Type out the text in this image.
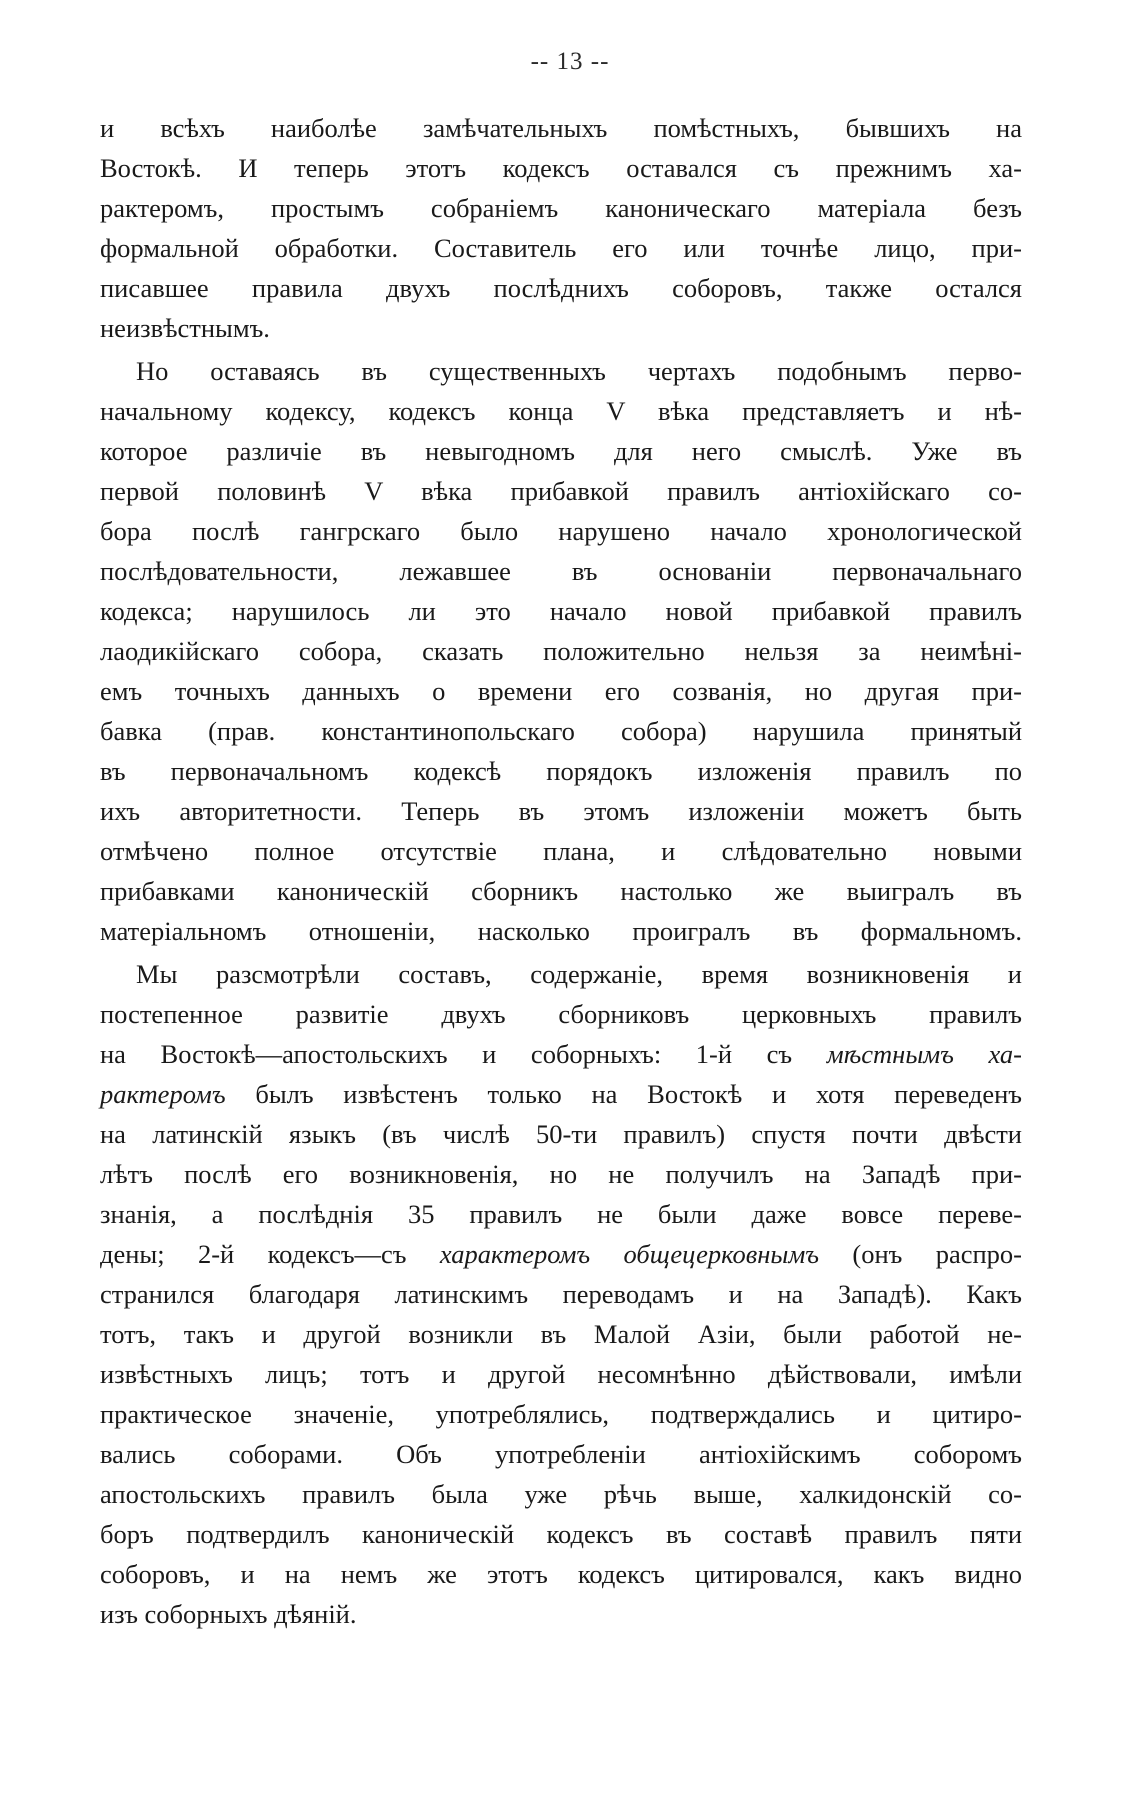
-- 13 --
и всѣхъ наиболѣе замѣчательныхъ помѣстныхъ, бывшихъ на
Востокѣ. И теперь этотъ кодексъ оставался съ прежнимъ ха-
рактеромъ, простымъ собраніемъ каноническаго матеріала безъ
формальной обработки. Составитель его или точнѣе лицо, при-
писавшее правила двухъ послѣднихъ соборовъ, также остался
неизвѣстнымъ.
Но оставаясь въ существенныхъ чертахъ подобнымъ перво-
начальному кодексу, кодексъ конца V вѣка представляетъ и нѣ-
которое различіе въ невыгодномъ для него смыслѣ. Уже въ
первой половинѣ V вѣка прибавкой правилъ антіохійскаго со-
бора послѣ гангрскаго было нарушено начало хронологической
послѣдовательности, лежавшее въ основаніи первоначальнаго
кодекса; нарушилось ли это начало новой прибавкой правилъ
лаодикійскаго собора, сказать положительно нельзя за неимѣні-
емъ точныхъ данныхъ о времени его созванія, но другая при-
бавка (прав. константинопольскаго собора) нарушила принятый
въ первоначальномъ кодексѣ порядокъ изложенія правилъ по
ихъ авторитетности. Теперь въ этомъ изложеніи можетъ быть
отмѣчено полное отсутствіе плана, и слѣдовательно новыми
прибавками каноническій сборникъ настолько же выигралъ въ
матеріальномъ отношеніи, насколько проигралъ въ формальномъ.
Мы разсмотрѣли составъ, содержаніе, время возникновенія и
постепенное развитіе двухъ сборниковъ церковныхъ правилъ
на Востокѣ—апостольскихъ и соборныхъ: 1-й съ мѣстнымъ ха-
рактеромъ былъ извѣстенъ только на Востокѣ и хотя переведенъ
на латинскій языкъ (въ числѣ 50-ти правилъ) спустя почти двѣсти
лѣтъ послѣ его возникновенія, но не получилъ на Западѣ при-
знанія, а послѣднія 35 правилъ не были даже вовсе переве-
дены; 2-й кодексъ—съ характеромъ общецерковнымъ (онъ распро-
странился благодаря латинскимъ переводамъ и на Западѣ). Какъ
тотъ, такъ и другой возникли въ Малой Азіи, были работой не-
извѣстныхъ лицъ; тотъ и другой несомнѣнно дѣйствовали, имѣли
практическое значеніе, употреблялись, подтверждались и цитиро-
вались соборами. Объ употребленіи антіохійскимъ соборомъ
апостольскихъ правилъ была уже рѣчь выше, халкидонскій со-
боръ подтвердилъ каноническій кодексъ въ составѣ правилъ пяти
соборовъ, и на немъ же этотъ кодексъ цитировался, какъ видно
изъ соборныхъ дѣяній.
